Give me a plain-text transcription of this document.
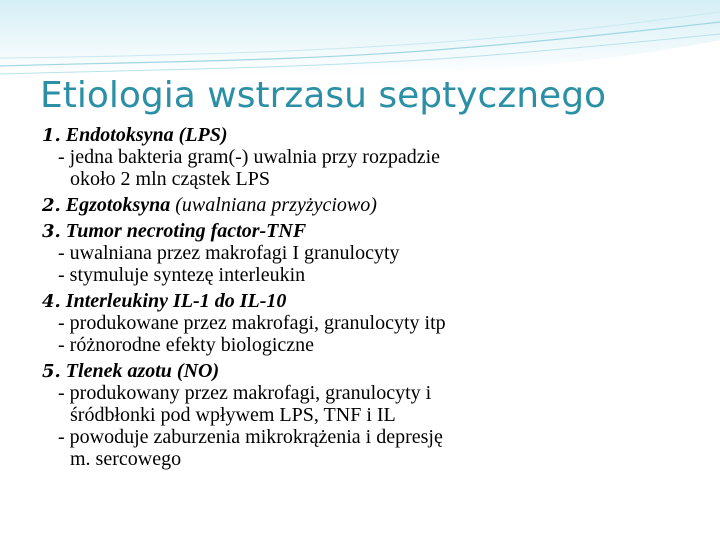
Etiologia wstrzasu septycznego
1. Endotoksyna (LPS)
- jedna bakteria gram(-) uwalnia przy rozpadzie
około 2 mln cząstek LPS
2. Egzotoksyna (uwalniana przyżyciowo)
3. Tumor necroting factor-TNF
- uwalniana przez makrofagi I granulocyty
- stymuluje syntezę interleukin
4. Interleukiny IL-1 do IL-10
- produkowane przez makrofagi, granulocyty itp
- różnorodne efekty biologiczne
5. Tlenek azotu (NO)
- produkowany przez makrofagi, granulocyty i
śródbłonki pod wpływem LPS, TNF i IL
- powoduje zaburzenia mikrokrążenia i depresję
m. sercowego
